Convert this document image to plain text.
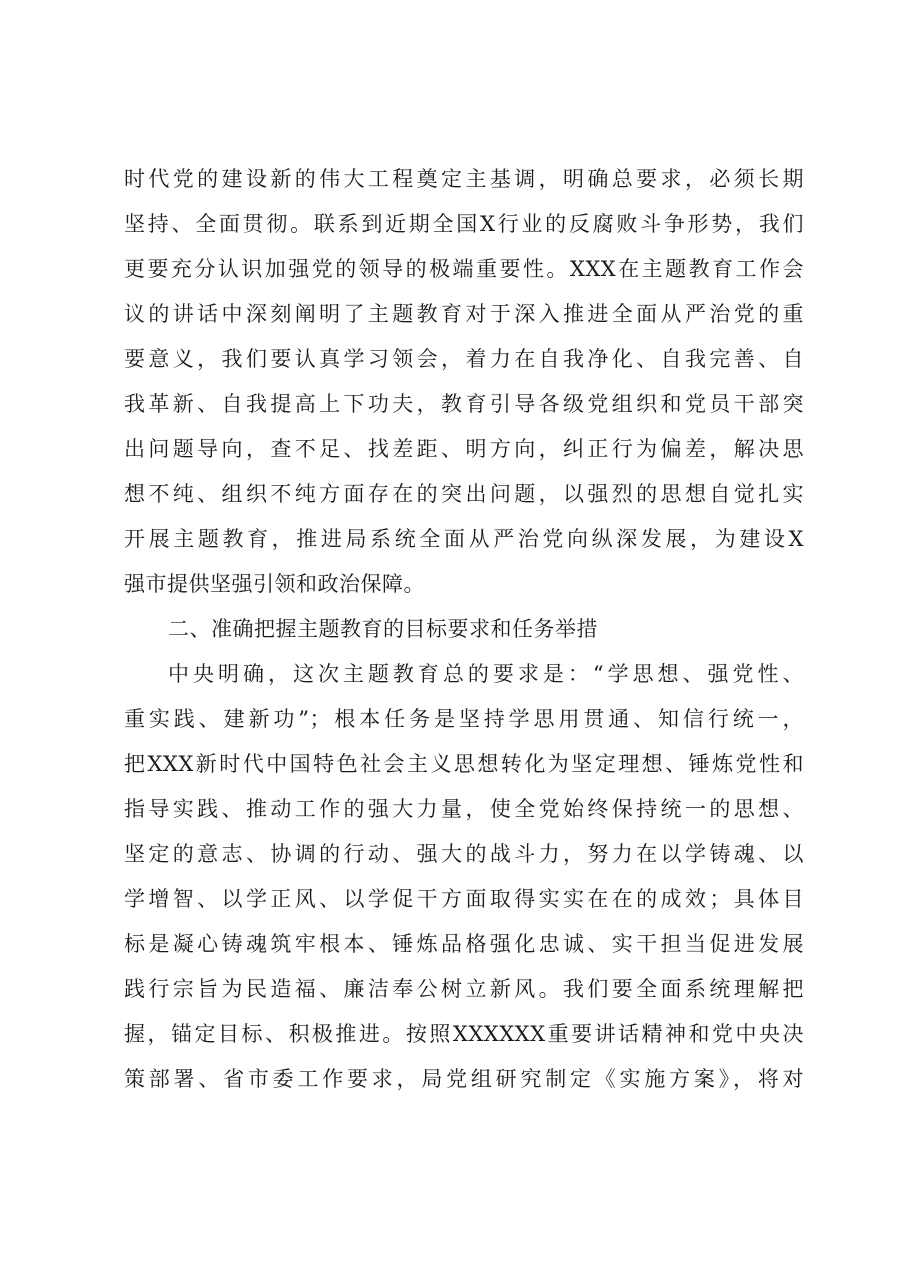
时代党的建设新的伟大工程奠定主基调，明确总要求，必须长期
坚持、全面贯彻。联系到近期全国X行业的反腐败斗争形势，我们
更要充分认识加强党的领导的极端重要性。XXX在主题教育工作会
议的讲话中深刻阐明了主题教育对于深入推进全面从严治党的重
要意义，我们要认真学习领会，着力在自我净化、自我完善、自
我革新、自我提高上下功夫，教育引导各级党组织和党员干部突
出问题导向，查不足、找差距、明方向，纠正行为偏差，解决思
想不纯、组织不纯方面存在的突出问题，以强烈的思想自觉扎实
开展主题教育，推进局系统全面从严治党向纵深发展，为建设X
强市提供坚强引领和政治保障。
二、准确把握主题教育的目标要求和任务举措
中央明确，这次主题教育总的要求是：“学思想、强党性、
重实践、建新功”；根本任务是坚持学思用贯通、知信行统一，
把XXX新时代中国特色社会主义思想转化为坚定理想、锤炼党性和
指导实践、推动工作的强大力量，使全党始终保持统一的思想、
坚定的意志、协调的行动、强大的战斗力，努力在以学铸魂、以
学增智、以学正风、以学促干方面取得实实在在的成效；具体目
标是凝心铸魂筑牢根本、锤炼品格强化忠诚、实干担当促进发展
践行宗旨为民造福、廉洁奉公树立新风。我们要全面系统理解把
握，锚定目标、积极推进。按照XXXXXX重要讲话精神和党中央决
策部署、省市委工作要求，局党组研究制定《实施方案》，将对
